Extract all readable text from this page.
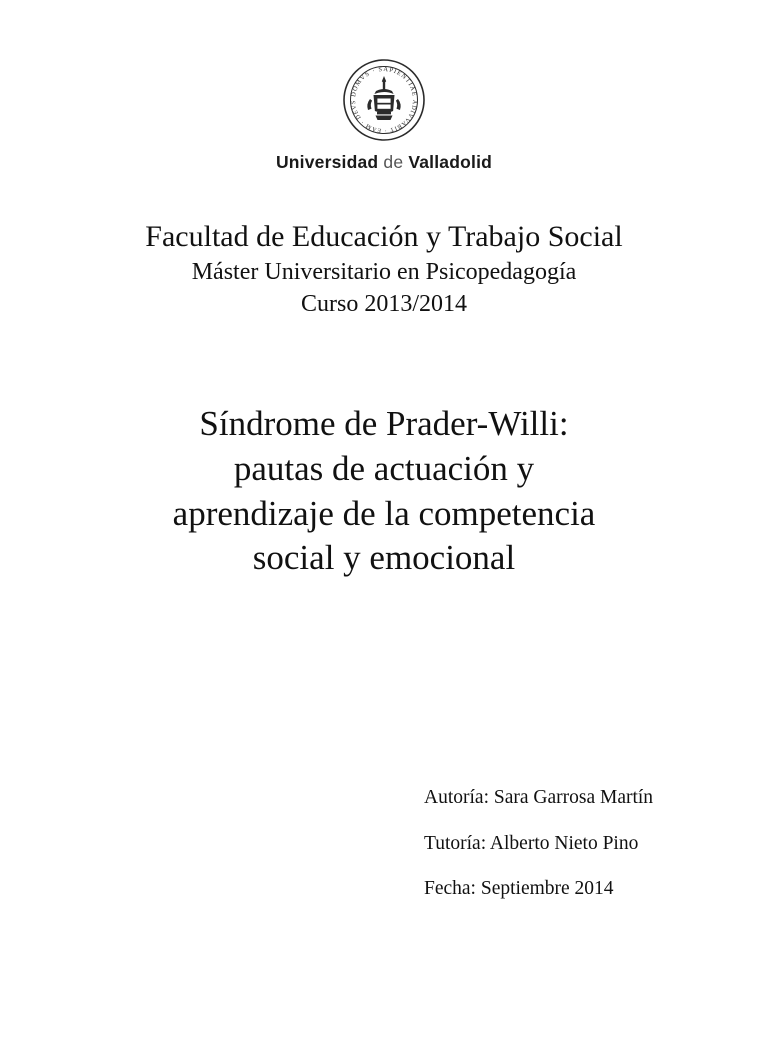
DOMVS · SAPIENTIAE
ADIVVABIT · EAM · DEVS
Universidad de Valladolid
Facultad de Educación y Trabajo Social
Máster Universitario en Psicopedagogía
Curso 2013/2014
Síndrome de Prader-Willi:
pautas de actuación y
aprendizaje de la competencia
social y emocional
Autoría: Sara Garrosa Martín
Tutoría: Alberto Nieto Pino
Fecha: Septiembre 2014
